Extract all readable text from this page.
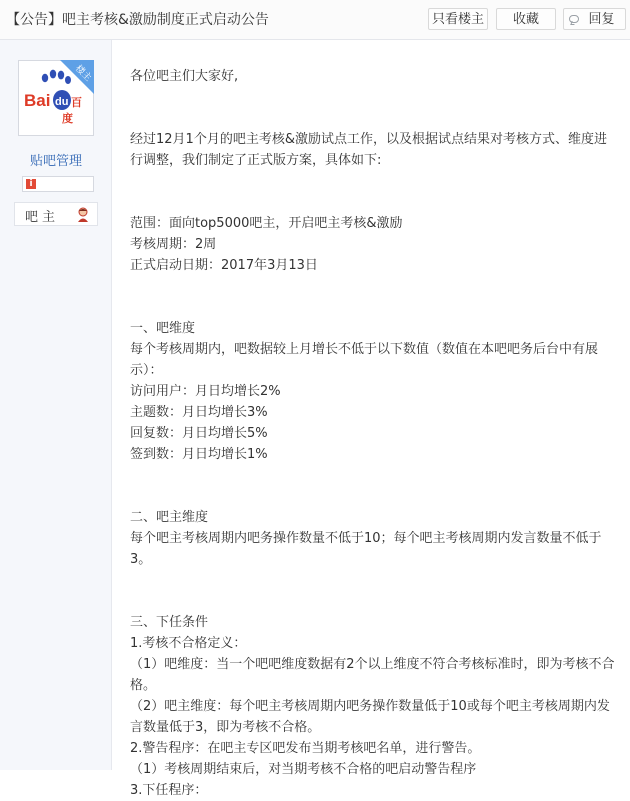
【公告】吧主考核&激励制度正式启动公告	只看楼主	收藏	回复
Bai du 百
度
楼主
贴吧管理
i
吧主

各位吧主们大家好,

经过12月1个月的吧主考核&激励试点工作，以及根据试点结果对考核方式、维度进行调整，我们制定了正式版方案，具体如下:

范围：面向top5000吧主，开启吧主考核&激励

考核周期：2周

正式启动日期：2017年3月13日

一、吧维度

每个考核周期内，吧数据较上月增长不低于以下数值（数值在本吧吧务后台中有展示）：

访问用户：月日均增长2%

主题数：月日均增长3%

回复数：月日均增长5%

签到数：月日均增长1%

二、吧主维度

每个吧主考核周期内吧务操作数量不低于10；每个吧主考核周期内发言数量不低于3。

三、下任条件

1.考核不合格定义：

（1）吧维度：当一个吧吧维度数据有2个以上维度不符合考核标准时，即为考核不合格。

（2）吧主维度：每个吧主考核周期内吧务操作数量低于10或每个吧主考核周期内发言数量低于3，即为考核不合格。

2.警告程序：在吧主专区吧发布当期考核吧名单，进行警告。

（1）考核周期结束后，对当期考核不合格的吧启动警告程序

3.下任程序：
